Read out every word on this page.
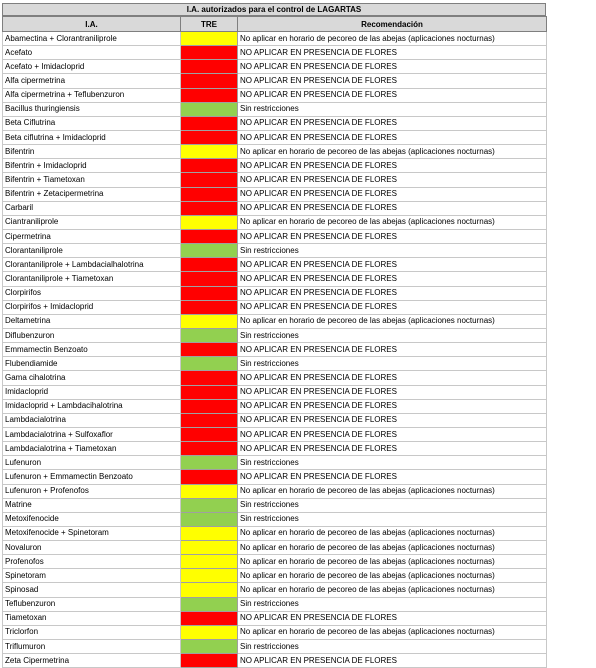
I.A. autorizados para el control de LAGARTAS
I.A.	TRE	Recomendación
Abamectina + Clorantraniliprole		No aplicar en horario de pecoreo de las abejas (aplicaciones nocturnas)
Acefato		NO APLICAR EN PRESENCIA DE FLORES
Acefato + Imidacloprid		NO APLICAR EN PRESENCIA DE FLORES
Alfa cipermetrina		NO APLICAR EN PRESENCIA DE FLORES
Alfa cipermetrina + Teflubenzuron		NO APLICAR EN PRESENCIA DE FLORES
Bacillus thuringiensis		Sin restricciones
Beta Ciflutrina		NO APLICAR EN PRESENCIA DE FLORES
Beta ciflutrina + Imidacloprid		NO APLICAR EN PRESENCIA DE FLORES
Bifentrin		No aplicar en horario de pecoreo de las abejas (aplicaciones nocturnas)
Bifentrin + Imidacloprid		NO APLICAR EN PRESENCIA DE FLORES
Bifentrin + Tiametoxan		NO APLICAR EN PRESENCIA DE FLORES
Bifentrin + Zetacipermetrina		NO APLICAR EN PRESENCIA DE FLORES
Carbaril		NO APLICAR EN PRESENCIA DE FLORES
Ciantraniliprole		No aplicar en horario de pecoreo de las abejas (aplicaciones nocturnas)
Cipermetrina		NO APLICAR EN PRESENCIA DE FLORES
Clorantaniliprole		Sin restricciones
Clorantaniliprole + Lambdacialhalotrina		NO APLICAR EN PRESENCIA DE FLORES
Clorantaniliprole + Tiametoxan		NO APLICAR EN PRESENCIA DE FLORES
Clorpirifos		NO APLICAR EN PRESENCIA DE FLORES
Clorpirifos + Imidacloprid		NO APLICAR EN PRESENCIA DE FLORES
Deltametrina		No aplicar en horario de pecoreo de las abejas (aplicaciones nocturnas)
Diflubenzuron		Sin restricciones
Emmamectin Benzoato		NO APLICAR EN PRESENCIA DE FLORES
Flubendiamide		Sin restricciones
Gama cihalotrina		NO APLICAR EN PRESENCIA DE FLORES
Imidacloprid		NO APLICAR EN PRESENCIA DE FLORES
Imidacloprid + Lambdacihalotrina		NO APLICAR EN PRESENCIA DE FLORES
Lambdacialotrina		NO APLICAR EN PRESENCIA DE FLORES
Lambdacialotrina + Sulfoxaflor		NO APLICAR EN PRESENCIA DE FLORES
Lambdacialotrina + Tiametoxan		NO APLICAR EN PRESENCIA DE FLORES
Lufenuron		Sin restricciones
Lufenuron + Emmamectin Benzoato		NO APLICAR EN PRESENCIA DE FLORES
Lufenuron + Profenofos		No aplicar en horario de pecoreo de las abejas (aplicaciones nocturnas)
Matrine		Sin restricciones
Metoxifenocide		Sin restricciones
Metoxifenocide + Spinetoram		No aplicar en horario de pecoreo de las abejas (aplicaciones nocturnas)
Novaluron		No aplicar en horario de pecoreo de las abejas (aplicaciones nocturnas)
Profenofos		No aplicar en horario de pecoreo de las abejas (aplicaciones nocturnas)
Spinetoram		No aplicar en horario de pecoreo de las abejas (aplicaciones nocturnas)
Spinosad		No aplicar en horario de pecoreo de las abejas (aplicaciones nocturnas)
Teflubenzuron		Sin restricciones
Tiametoxan		NO APLICAR EN PRESENCIA DE FLORES
Triclorfon		No aplicar en horario de pecoreo de las abejas (aplicaciones nocturnas)
Triflumuron		Sin restricciones
Zeta Cipermetrina		NO APLICAR EN PRESENCIA DE FLORES
